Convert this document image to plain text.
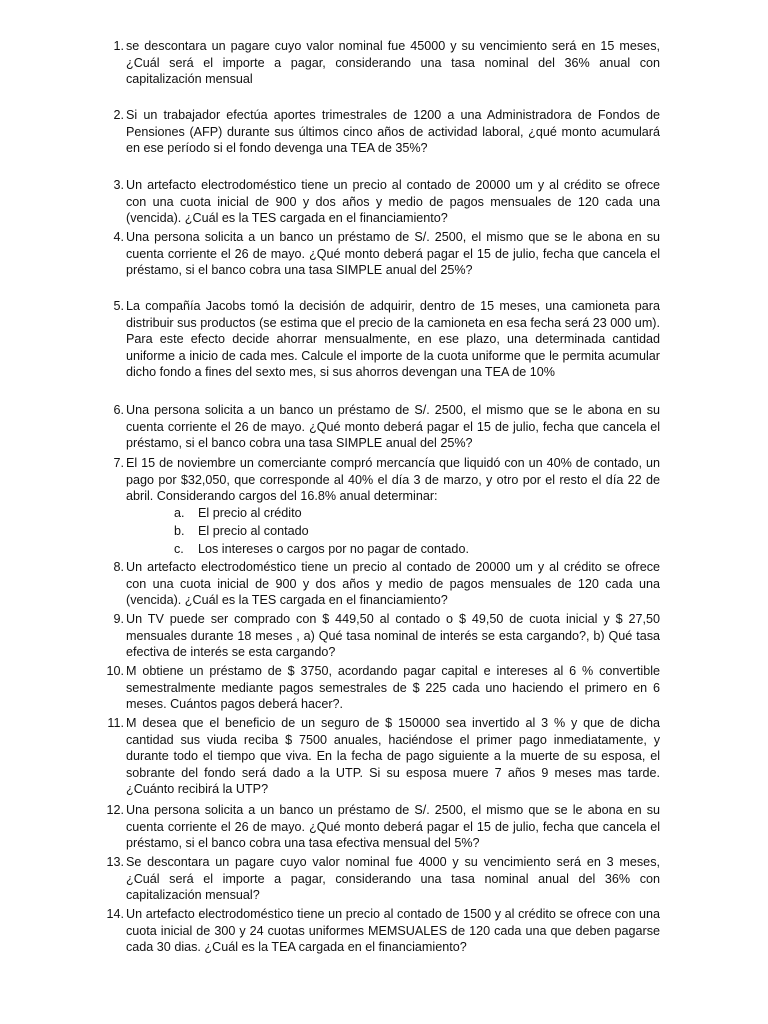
1. se descontara un pagare cuyo valor nominal fue 45000 y su vencimiento será en 15 meses, ¿Cuál será el importe a pagar, considerando una tasa nominal del 36% anual con capitalización mensual

2. Si un trabajador efectúa aportes trimestrales de 1200 a una Administradora de Fondos de Pensiones (AFP) durante sus últimos cinco años de actividad laboral, ¿qué monto acumulará en ese período si el fondo devenga una TEA de 35%?

3. Un artefacto electrodoméstico tiene un precio al contado de 20000 um y al crédito se ofrece con una cuota inicial de 900 y dos años y medio de pagos mensuales de 120 cada una (vencida). ¿Cuál es la TES cargada en el financiamiento?

4. Una persona solicita a un banco un préstamo de S/. 2500, el mismo que se le abona en su cuenta corriente el 26 de mayo. ¿Qué monto deberá pagar el 15 de julio, fecha que cancela el préstamo, si el banco cobra una tasa SIMPLE anual del 25%?

5. La compañía Jacobs tomó la decisión de adquirir, dentro de 15 meses, una camioneta para distribuir sus productos (se estima que el precio de la camioneta en esa fecha será 23 000 um). Para este efecto decide ahorrar mensualmente, en ese plazo, una determinada cantidad uniforme a inicio de cada mes. Calcule el importe de la cuota uniforme que le permita acumular dicho fondo a fines del sexto mes, si sus ahorros devengan una TEA de 10%

6. Una persona solicita a un banco un préstamo de S/. 2500, el mismo que se le abona en su cuenta corriente el 26 de mayo. ¿Qué monto deberá pagar el 15 de julio, fecha que cancela el préstamo, si el banco cobra una tasa SIMPLE anual del 25%?

7. El 15 de noviembre un comerciante compró mercancía que liquidó con un 40% de contado, un pago por $32,050, que corresponde al 40% el día 3 de marzo, y otro por el resto el día 22 de abril. Considerando cargos del 16.8% anual determinar:

a. El precio al crédito
b. El precio al contado
c. Los intereses o cargos por no pagar de contado.
8. Un artefacto electrodoméstico tiene un precio al contado de 20000 um y al crédito se ofrece con una cuota inicial de 900 y dos años y medio de pagos mensuales de 120 cada una (vencida). ¿Cuál es la TES cargada en el financiamiento?

9. Un TV puede ser comprado con $ 449,50 al contado o $ 49,50 de cuota inicial y $ 27,50 mensuales durante 18 meses , a) Qué tasa nominal de interés se esta cargando?, b) Qué tasa efectiva de interés se esta cargando?

10. M obtiene un préstamo de $ 3750, acordando pagar capital e intereses al 6 % convertible semestralmente mediante pagos semestrales de $ 225 cada uno haciendo el primero en 6 meses. Cuántos pagos deberá hacer?.

11. M desea que el beneficio de un seguro de $ 150000 sea invertido al 3 % y que de dicha cantidad sus viuda reciba $ 7500 anuales, haciéndose el primer pago inmediatamente, y durante todo el tiempo que viva. En la fecha de pago siguiente a la muerte de su esposa, el sobrante del fondo será dado a la UTP. Si su esposa muere 7 años 9 meses mas tarde. ¿Cuánto recibirá la UTP?

12. Una persona solicita a un banco un préstamo de S/. 2500, el mismo que se le abona en su cuenta corriente el 26 de mayo. ¿Qué monto deberá pagar el 15 de julio, fecha que cancela el préstamo, si el banco cobra una tasa efectiva mensual del 5%?

13. Se descontara un pagare cuyo valor nominal fue 4000 y su vencimiento será en 3 meses, ¿Cuál será el importe a pagar, considerando una tasa nominal anual del 36% con capitalización mensual?

14. Un artefacto electrodoméstico tiene un precio al contado de 1500 y al crédito se ofrece con una cuota inicial de 300 y 24 cuotas uniformes MEMSUALES de 120 cada una que deben pagarse cada 30 dias. ¿Cuál es la TEA cargada en el financiamiento?
